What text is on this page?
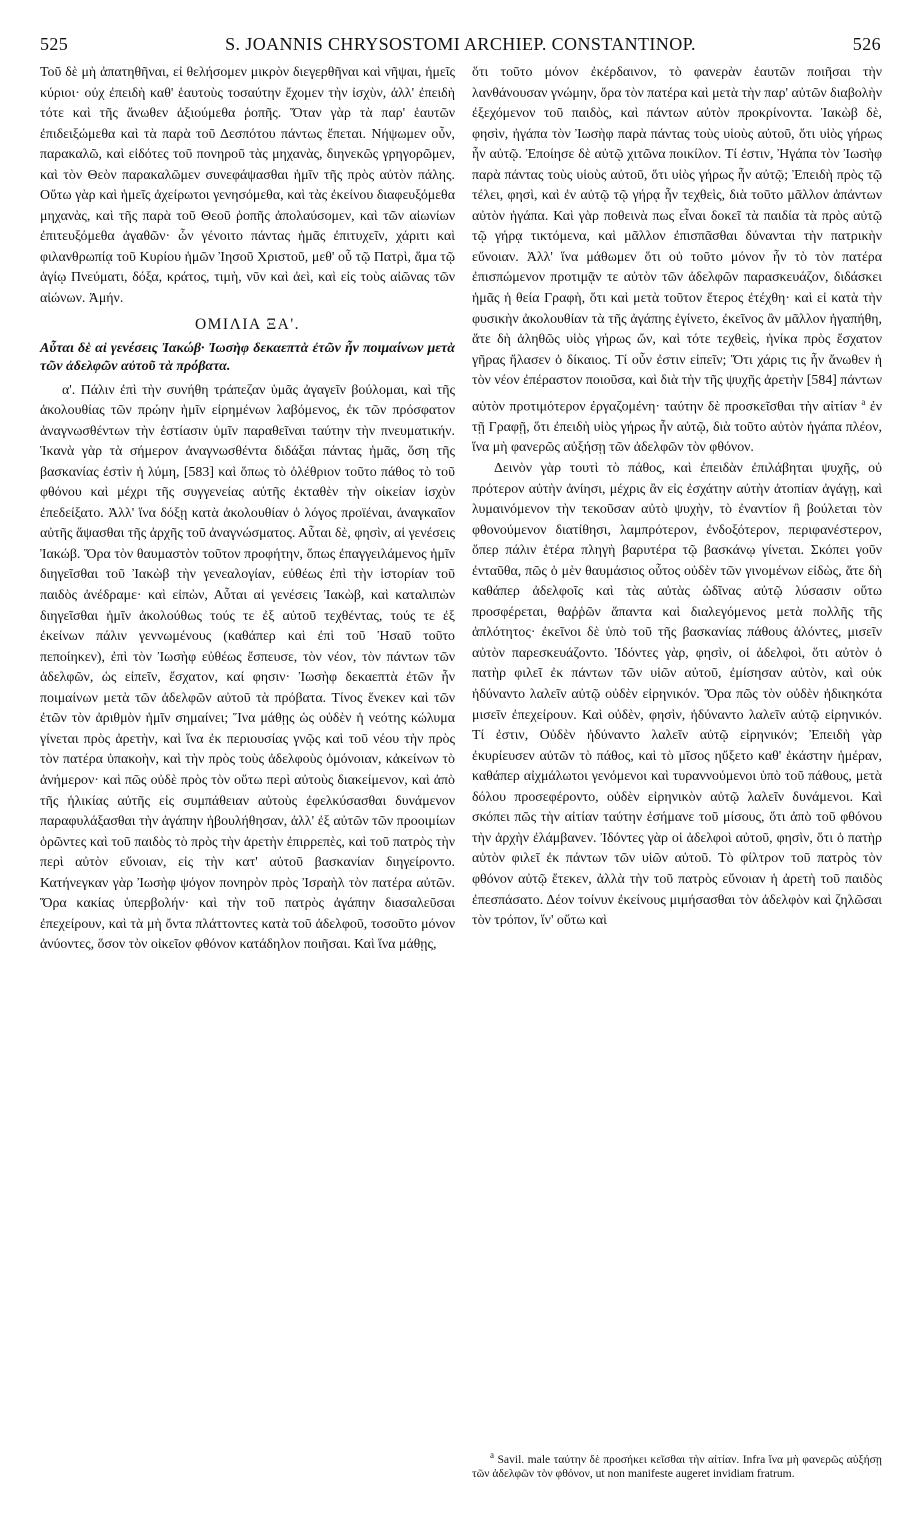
525	S. JOANNIS CHRYSOSTOMI ARCHIEP. CONSTANTINOP.	526

Τοῦ δὲ μὴ ἀπατηθῆναι, εἰ θελήσομεν μικρὸν διεγερθῆναι καὶ νῆψαι, ἡμεῖς κύριοι· οὐχ ἐπειδὴ καθ' ἑαυτοὺς τοσαύτην ἔχομεν τὴν ἰσχὺν, ἀλλ' ἐπειδὴ τότε καὶ τῆς ἄνωθεν ἀξιούμεθα ῥοπῆς. Ὅταν γὰρ τὰ παρ' ἑαυτῶν ἐπιδειξώμεθα καὶ τὰ παρὰ τοῦ Δεσπότου πάντως ἕπεται. Νήψωμεν οὖν, παρακαλῶ, καὶ εἰδότες τοῦ πονηροῦ τὰς μηχανὰς, διηνεκῶς γρηγορῶμεν, καὶ τὸν Θεὸν παρακαλῶμεν συνεφάψασθαι ἡμῖν τῆς πρὸς αὐτὸν πάλης. Οὕτω γὰρ καὶ ἡμεῖς ἀχείρωτοι γενησόμεθα, καὶ τὰς ἐκείνου διαφευξόμεθα μηχανὰς, καὶ τῆς παρὰ τοῦ Θεοῦ ῥοπῆς ἀπολαύσομεν, καὶ τῶν αἰωνίων ἐπιτευξόμεθα ἀγαθῶν· ὧν γένοιτο πάντας ἡμᾶς ἐπιτυχεῖν, χάριτι καὶ φιλανθρωπίᾳ τοῦ Κυρίου ἡμῶν Ἰησοῦ Χριστοῦ, μεθ' οὗ τῷ Πατρὶ, ἅμα τῷ ἁγίῳ Πνεύματι, δόξα, κράτος, τιμὴ, νῦν καὶ ἀεὶ, καὶ εἰς τοὺς αἰῶνας τῶν αἰώνων. Ἀμήν.

ΟΜΙΛΙΑ ΞΑ'.
Αὗται δὲ αἱ γενέσεις Ἰακώβ· Ἰωσὴφ δεκαεπτὰ ἐτῶν ἦν ποιμαίνων μετὰ τῶν ἀδελφῶν αὐτοῦ τὰ πρόβατα.

α'. Πάλιν ἐπὶ τὴν συνήθη τράπεζαν ὑμᾶς ἀγαγεῖν βούλομαι, καὶ τῆς ἀκολουθίας τῶν πρώην ἡμῖν εἰρημένων λαβόμενος, ἐκ τῶν πρόσφατον ἀναγνωσθέντων τὴν ἑστίασιν ὑμῖν παραθεῖναι ταύτην τὴν πνευματικήν. Ἱκανὰ γὰρ τὰ σήμερον ἀναγνωσθέντα διδάξαι πάντας ἡμᾶς, ὅση τῆς βασκανίας ἐστὶν ἡ λύμη, [583] καὶ ὅπως τὸ ὀλέθριον τοῦτο πάθος τὸ τοῦ φθόνου καὶ μέχρι τῆς συγγενείας αὐτῆς ἐκταθὲν τὴν οἰκείαν ἰσχὺν ἐπεδείξατο. Ἀλλ' ἵνα δόξῃ κατὰ ἀκολουθίαν ὁ λόγος προϊέναι, ἀναγκαῖον αὐτῆς ἅψασθαι τῆς ἀρχῆς τοῦ ἀναγνώσματος. Αὗται δὲ, φησὶν, αἱ γενέσεις Ἰακώβ. Ὅρα τὸν θαυμαστὸν τοῦτον προφήτην, ὅπως ἐπαγγειλάμενος ἡμῖν διηγεῖσθαι τοῦ Ἰακὼβ τὴν γενεαλογίαν, εὐθέως ἐπὶ τὴν ἱστορίαν τοῦ παιδὸς ἀνέδραμε· καὶ εἰπὼν, Αὗται αἱ γενέσεις Ἰακὼβ, καὶ καταλιπὼν διηγεῖσθαι ἡμῖν ἀκολούθως τούς τε ἐξ αὐτοῦ τεχθέντας, τούς τε ἐξ ἐκείνων πάλιν γεννωμένους (καθάπερ καὶ ἐπὶ τοῦ Ἡσαῦ τοῦτο πεποίηκεν), ἐπὶ τὸν Ἰωσὴφ εὐθέως ἔσπευσε, τὸν νέον, τὸν πάντων τῶν ἀδελφῶν, ὡς εἰπεῖν, ἔσχατον, καί φησιν· Ἰωσὴφ δεκαεπτὰ ἐτῶν ἦν ποιμαίνων μετὰ τῶν ἀδελφῶν αὐτοῦ τὰ πρόβατα. Τίνος ἕνεκεν καὶ τῶν ἐτῶν τὸν ἀριθμὸν ἡμῖν σημαίνει; Ἵνα μάθῃς ὡς οὐδὲν ἡ νεότης κώλυμα γίνεται πρὸς ἀρετὴν, καὶ ἵνα ἐκ περιουσίας γνῷς καὶ τοῦ νέου τὴν πρὸς τὸν πατέρα ὑπακοὴν, καὶ τὴν πρὸς τοὺς ἀδελφοὺς ὁμόνοιαν, κἀκείνων τὸ ἀνήμερον· καὶ πῶς οὐδὲ πρὸς τὸν οὕτω περὶ αὐτοὺς διακείμενον, καὶ ἀπὸ τῆς ἡλικίας αὐτῆς εἰς συμπάθειαν αὐτοὺς ἐφελκύσασθαι δυνάμενον παραφυλάξασθαι τὴν ἀγάπην ἠβουλήθησαν, ἀλλ' ἐξ αὐτῶν τῶν προοιμίων ὁρῶντες καὶ τοῦ παιδὸς τὸ πρὸς τὴν ἀρετὴν ἐπιρρεπὲς, καὶ τοῦ πατρὸς τὴν περὶ αὐτὸν εὔνοιαν, εἰς τὴν κατ' αὐτοῦ βασκανίαν διηγείροντο. Κατήνεγκαν γὰρ Ἰωσὴφ ψόγον πονηρὸν πρὸς Ἰσραὴλ τὸν πατέρα αὐτῶν. Ὅρα κακίας ὑπερβολήν· καὶ τὴν τοῦ πατρὸς ἀγάπην διασαλεῦσαι ἐπεχείρουν, καὶ τὰ μὴ ὄντα πλάττοντες κατὰ τοῦ ἀδελφοῦ, τοσοῦτο μόνον ἀνύοντες, ὅσον τὸν οἰκεῖον φθόνον κατάδηλον ποιῆσαι. Καὶ ἵνα μάθῃς,

ὅτι τοῦτο μόνον ἐκέρδαινον, τὸ φανερὰν ἑαυτῶν ποιῆσαι τὴν λανθάνουσαν γνώμην, ὅρα τὸν πατέρα καὶ μετὰ τὴν παρ' αὐτῶν διαβολὴν ἐξεχόμενον τοῦ παιδὸς, καὶ πάντων αὐτὸν προκρίνοντα. Ἰακὼβ δὲ, φησὶν, ἠγάπα τὸν Ἰωσὴφ παρὰ πάντας τοὺς υἱοὺς αὐτοῦ, ὅτι υἱὸς γήρως ἦν αὐτῷ. Ἐποίησε δὲ αὐτῷ χιτῶνα ποικίλον. Τί ἐστιν, Ἠγάπα τὸν Ἰωσὴφ παρὰ πάντας τοὺς υἱοὺς αὐτοῦ, ὅτι υἱὸς γήρως ἦν αὐτῷ; Ἐπειδὴ πρὸς τῷ τέλει, φησὶ, καὶ ἐν αὐτῷ τῷ γήρᾳ ἦν τεχθεὶς, διὰ τοῦτο μᾶλλον ἁπάντων αὐτὸν ἠγάπα. Καὶ γὰρ ποθεινὰ πως εἶναι δοκεῖ τὰ παιδία τὰ πρὸς αὐτῷ τῷ γήρᾳ τικτόμενα, καὶ μᾶλλον ἐπισπᾶσθαι δύνανται τὴν πατρικὴν εὔνοιαν. Ἀλλ' ἵνα μάθωμεν ὅτι οὐ τοῦτο μόνον ἦν τὸ τὸν πατέρα ἐπισπώμενον προτιμᾷν τε αὐτὸν τῶν ἀδελφῶν παρασκευάζον, διδάσκει ἡμᾶς ἡ θεία Γραφὴ, ὅτι καὶ μετὰ τοῦτον ἕτερος ἐτέχθη· καὶ εἰ κατὰ τὴν φυσικὴν ἀκολουθίαν τὰ τῆς ἀγάπης ἐγίνετο, ἐκεῖνος ἂν μᾶλλον ἠγαπήθη, ἅτε δὴ ἀληθῶς υἱὸς γήρως ὤν, καὶ τότε τεχθεὶς, ἡνίκα πρὸς ἔσχατον γῆρας ἤλασεν ὁ δίκαιος. Τί οὖν ἐστιν εἰπεῖν; Ὅτι χάρις τις ἦν ἄνωθεν ἡ τὸν νέον ἐπέραστον ποιοῦσα, καὶ διὰ τὴν τῆς ψυχῆς ἀρετὴν [584] πάντων αὐτὸν προτιμότερον ἐργαζομένη· ταύτην δὲ προσκεῖσθαι τὴν αἰτίαν $^a$ ἐν τῇ Γραφῇ, ὅτι ἐπειδὴ υἱὸς γήρως ἦν αὐτῷ, διὰ τοῦτο αὐτὸν ἠγάπα πλέον, ἵνα μὴ φανερῶς αὐξήσῃ τῶν ἀδελφῶν τὸν φθόνον.

Δεινὸν γὰρ τουτὶ τὸ πάθος, καὶ ἐπειδὰν ἐπιλάβηται ψυχῆς, οὐ πρότερον αὐτὴν ἀνίησι, μέχρις ἂν εἰς ἐσχάτην αὐτὴν ἀτοπίαν ἀγάγῃ, καὶ λυμαινόμενον τὴν τεκοῦσαν αὐτὸ ψυχὴν, τὸ ἐναντίον ἢ βούλεται τὸν φθονούμενον διατίθησι, λαμπρότερον, ἐνδοξότερον, περιφανέστερον, ὅπερ πάλιν ἑτέρα πληγὴ βαρυτέρα τῷ βασκάνῳ γίνεται. Σκόπει γοῦν ἐνταῦθα, πῶς ὁ μὲν θαυμάσιος οὗτος οὐδὲν τῶν γινομένων εἰδὼς, ἅτε δὴ καθάπερ ἀδελφοῖς καὶ τὰς αὐτὰς ὠδῖνας αὐτῷ λύσασιν οὕτω προσφέρεται, θαῤῥῶν ἅπαντα καὶ διαλεγόμενος μετὰ πολλῆς τῆς ἁπλότητος· ἐκεῖνοι δὲ ὑπὸ τοῦ τῆς βασκανίας πάθους ἁλόντες, μισεῖν αὐτὸν παρεσκευάζοντο. Ἰδόντες γὰρ, φησὶν, οἱ ἀδελφοὶ, ὅτι αὐτὸν ὁ πατὴρ φιλεῖ ἐκ πάντων τῶν υἱῶν αὐτοῦ, ἐμίσησαν αὐτὸν, καὶ οὐκ ἠδύναντο λαλεῖν αὐτῷ οὐδὲν εἰρηνικόν. Ὅρα πῶς τὸν οὐδὲν ἠδικηκότα μισεῖν ἐπεχείρουν. Καὶ οὐδὲν, φησὶν, ἠδύναντο λαλεῖν αὐτῷ εἰρηνικόν. Τί ἐστιν, Οὐδὲν ἠδύναντο λαλεῖν αὐτῷ εἰρηνικόν; Ἐπειδὴ γὰρ ἐκυρίευσεν αὐτῶν τὸ πάθος, καὶ τὸ μῖσος ηὔξετο καθ' ἑκάστην ἡμέραν, καθάπερ αἰχμάλωτοι γενόμενοι καὶ τυραννούμενοι ὑπὸ τοῦ πάθους, μετὰ δόλου προσεφέροντο, οὐδὲν εἰρηνικὸν αὐτῷ λαλεῖν δυνάμενοι. Καὶ σκόπει πῶς τὴν αἰτίαν ταύτην ἐσήμανε τοῦ μίσους, ὅτι ἀπὸ τοῦ φθόνου τὴν ἀρχὴν ἐλάμβανεν. Ἰδόντες γὰρ οἱ ἀδελφοὶ αὐτοῦ, φησὶν, ὅτι ὁ πατὴρ αὐτὸν φιλεῖ ἐκ πάντων τῶν υἱῶν αὐτοῦ. Τὸ φίλτρον τοῦ πατρὸς τὸν φθόνον αὐτῷ ἔτεκεν, ἀλλὰ τὴν τοῦ πατρὸς εὔνοιαν ἡ ἀρετὴ τοῦ παιδὸς ἐπεσπάσατο. Δέον τοίνυν ἐκείνους μιμήσασθαι τὸν ἀδελφὸν καὶ ζηλῶσαι τὸν τρόπον, ἵν' οὕτω καὶ

$^a$ Savil. male ταύτην δὲ προσήκει κεῖσθαι τὴν αἰτίαν. Infra ἵνα μὴ φανερῶς αὐξήσῃ τῶν ἀδελφῶν τὸν φθόνον, ut non manifeste augeret invidiam fratrum.
